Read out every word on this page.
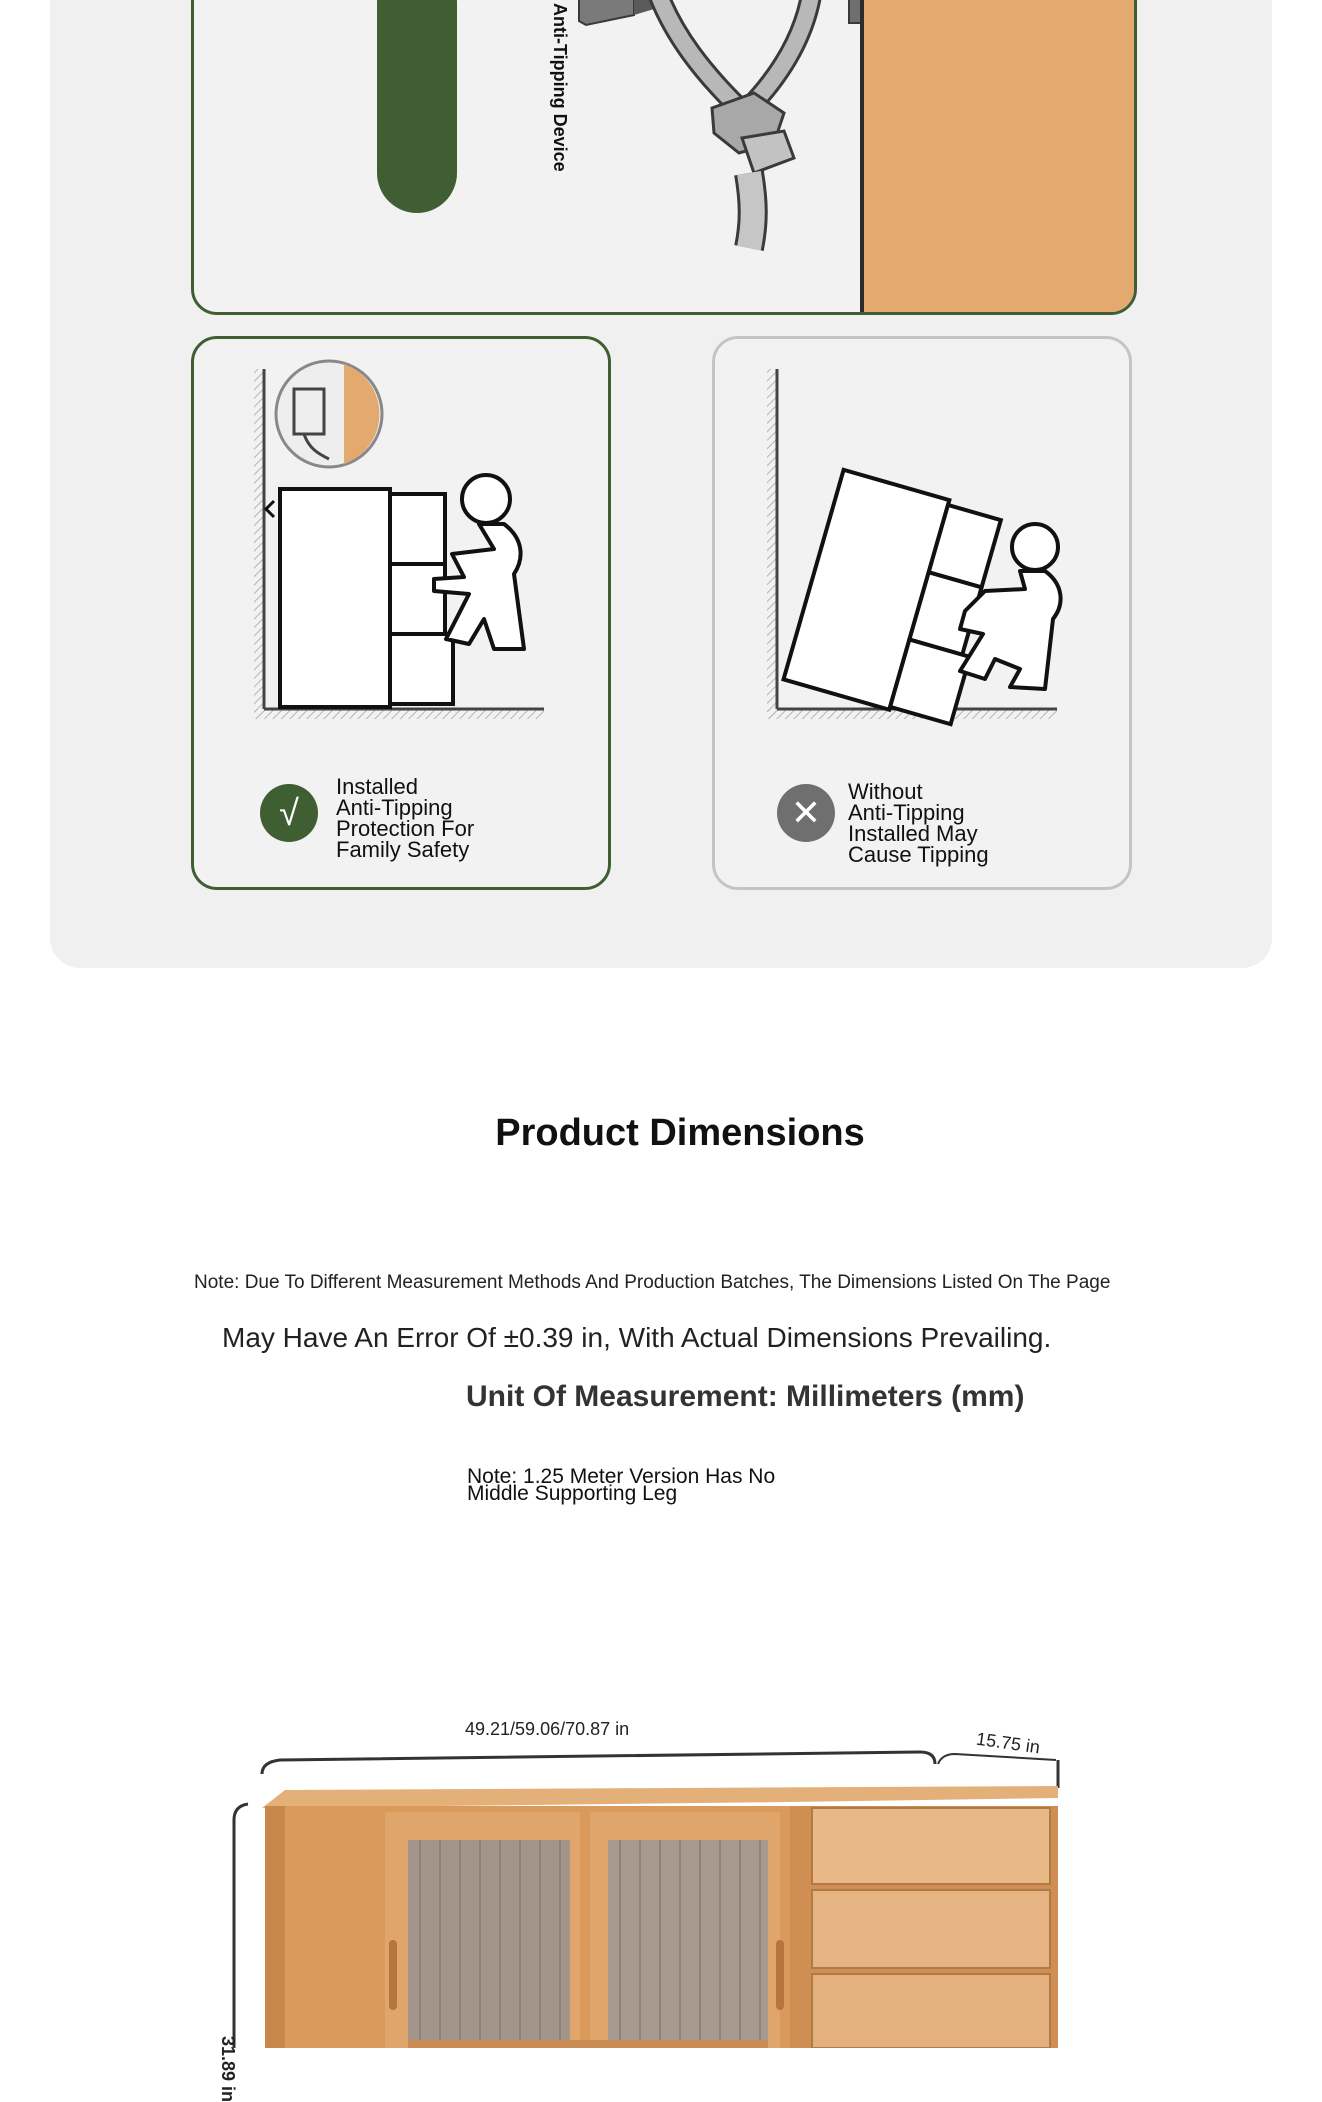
Anti-Tipping Device
√
Installed
Anti-Tipping
Protection For
Family Safety
✕
Without
Anti-Tipping
Installed May
Cause Tipping
Product Dimensions
Note: Due To Different Measurement Methods And Production Batches, The Dimensions Listed On The Page
May Have An Error Of ±0.39 in, With Actual Dimensions Prevailing.
Unit Of Measurement: Millimeters (mm)
Note: 1.25 Meter Version Has No
Middle Supporting Leg
49.21/59.06/70.87 in	15.75 in
31.89 in
